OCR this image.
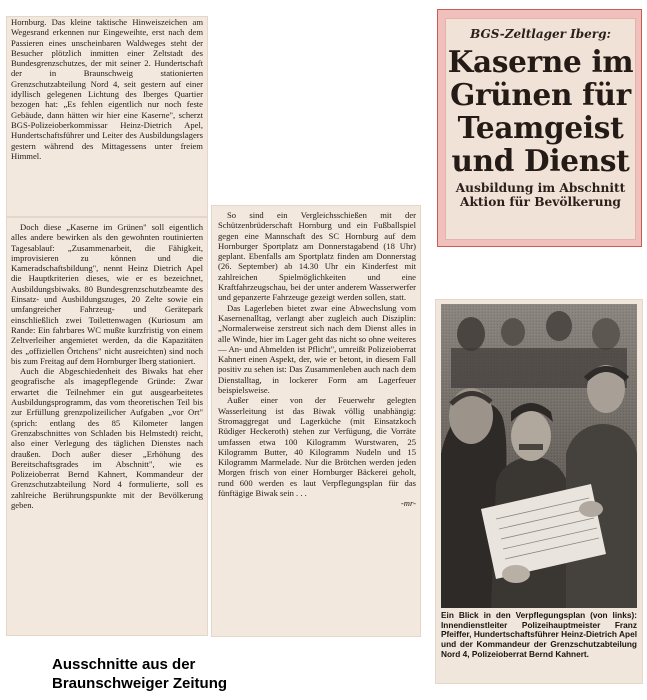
Hornburg. Das kleine taktische Hinweiszeichen am Wegesrand erkennen nur Eingeweihte, erst nach dem Passieren eines unscheinbaren Waldweges steht der Besucher plötzlich inmitten einer Zeltstadt des Bundesgrenzschutzes, der mit seiner 2. Hundertschaft der in Braunschweig stationierten Grenzschutzabteilung Nord 4, seit gestern auf einer idyllisch gelegenen Lichtung des Iberges Quartier bezogen hat: „Es fehlen eigentlich nur noch feste Gebäude, dann hätten wir hier eine Kaserne", scherzt BGS-Polizeioberkommissar Heinz-Dietrich Apel, Hundertschaftsführer und Leiter des Ausbildungslagers gestern während des Mittagessens unter freiem Himmel.

Doch diese „Kaserne im Grünen" soll eigentlich alles andere bewirken als den gewohnten routinierten Tagesablauf: „Zusammenarbeit, die Fähigkeit, improvisieren zu können und die Kameradschaftsbildung", nennt Heinz Dietrich Apel die Hauptkriterien dieses, wie er es bezeichnet, Ausbildungsbiwaks. 80 Bundesgrenzschutzbeamte des Einsatz- und Ausbildungszuges, 20 Zelte sowie ein umfangreicher Fahrzeug- und Gerätepark einschließlich zwei Toilettenwagen (Kuriosum am Rande: Ein fahrbares WC mußte kurzfristig von einem Zeltverleiher angemietet werden, da die Kapazitäten des „offiziellen Örtchens" nicht ausreichten) sind noch bis zum Freitag auf dem Hornburger Iberg stationiert.

Auch die Abgeschiedenheit des Biwaks hat eher geografische als imagepflegende Gründe: Zwar erwartet die Teilnehmer ein gut ausgearbeitetes Ausbildungsprogramm, das vom theoretischen Teil bis zur Erfüllung grenzpolizeilicher Aufgaben „vor Ort" (sprich: entlang des 85 Kilometer langen Grenzabschnittes von Schladen bis Helmstedt) reicht, also einer Verlegung des täglichen Dienstes nach draußen. Doch außer dieser „Erhöhung des Bereitschaftsgrades im Abschnitt", wie es Polizeioberrat Bernd Kahnert, Kommandeur der Grenzschutzabteilung Nord 4 formulierte, soll es zahlreiche Berührungspunkte mit der Bevölkerung geben.

So sind ein Vergleichsschießen mit der Schützenbrüderschaft Hornburg und ein Fußballspiel gegen eine Mannschaft des SC Hornburg auf dem Hornburger Sportplatz am Donnerstagabend (18 Uhr) geplant. Ebenfalls am Sportplatz finden am Donnerstag (26. September) ab 14.30 Uhr ein Kinderfest mit zahlreichen Spielmöglichkeiten und eine Kraftfahrzeugschau, bei der unter anderem Wasserwerfer und gepanzerte Fahrzeuge gezeigt werden sollen, statt.

Das Lagerleben bietet zwar eine Abwechslung vom Kasernenalltag, verlangt aber zugleich auch Disziplin: „Normalerweise zerstreut sich nach dem Dienst alles in alle Winde, hier im Lager geht das nicht so ohne weiteres — An- und Abmelden ist Pflicht", umreißt Polizeioberrat Kahnert einen Aspekt, der, wie er betont, in diesem Fall positiv zu sehen ist: Das Zusammenleben auch nach dem Dienstalltag, in lockerer Form am Lagerfeuer beispielsweise.

Außer einer von der Feuerwehr gelegten Wasserleitung ist das Biwak völlig unabhängig: Stromaggregat und Lagerküche (mit Einsatzkoch Rüdiger Heckeroth) stehen zur Verfügung, die Vorräte umfassen etwa 100 Kilogramm Wurstwaren, 25 Kilogramm Butter, 40 Kilogramm Nudeln und 15 Kilogramm Marmelade. Nur die Brötchen werden jeden Morgen frisch von einer Hornburger Bäckerei geholt, rund 600 werden es laut Verpflegungsplan für das fünftägige Biwak sein . . .

-mr-

BGS-Zeltlager Iberg:
Kaserne im Grünen für Teamgeist und Dienst
Ausbildung im Abschnitt Aktion für Bevölkerung
Ein Blick in den Verpflegungsplan (von links): Innendienstleiter Polizeihauptmeister Franz Pfeiffer, Hundertschaftsführer Heinz-Dietrich Apel und der Kommandeur der Grenzschutzabteilung Nord 4, Polizeioberrat Bernd Kahnert.
Ausschnitte aus der Braunschweiger Zeitung
